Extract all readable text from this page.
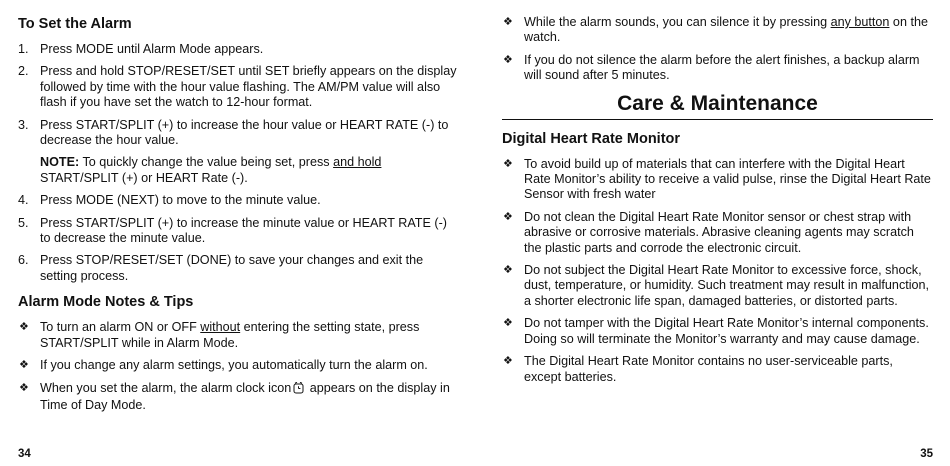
To Set the Alarm
1. Press MODE until Alarm Mode appears.
2. Press and hold STOP/RESET/SET until SET briefly appears on the display followed by time with the hour value flashing. The AM/PM value will also flash if you have set the watch to 12-hour format.
3. Press START/SPLIT (+) to increase the hour value or HEART RATE (-) to decrease the hour value.
NOTE: To quickly change the value being set, press and hold START/SPLIT (+) or HEART Rate (-).
4. Press MODE (NEXT) to move to the minute value.
5. Press START/SPLIT (+) to increase the minute value or HEART RATE (-) to decrease the minute value.
6. Press STOP/RESET/SET (DONE) to save your changes and exit the setting process.
Alarm Mode Notes & Tips
❖ To turn an alarm ON or OFF without entering the setting state, press START/SPLIT while in Alarm Mode.
❖ If you change any alarm settings, you automatically turn the alarm on.
❖ When you set the alarm, the alarm clock icon appears on the display in Time of Day Mode.
34
❖ While the alarm sounds, you can silence it by pressing any button on the watch.
❖ If you do not silence the alarm before the alert finishes, a backup alarm will sound after 5 minutes.
Care & Maintenance
Digital Heart Rate Monitor
❖ To avoid build up of materials that can interfere with the Digital Heart Rate Monitor’s ability to receive a valid pulse, rinse the Digital Heart Rate Sensor with fresh water
❖ Do not clean the Digital Heart Rate Monitor sensor or chest strap with abrasive or corrosive materials. Abrasive cleaning agents may scratch the plastic parts and corrode the electronic circuit.
❖ Do not subject the Digital Heart Rate Monitor to excessive force, shock, dust, temperature, or humidity. Such treatment may result in malfunction, a shorter electronic life span, damaged batteries, or distorted parts.
❖ Do not tamper with the Digital Heart Rate Monitor’s internal components. Doing so will terminate the Monitor’s warranty and may cause damage.
❖ The Digital Heart Rate Monitor contains no user-serviceable parts, except batteries.
35
